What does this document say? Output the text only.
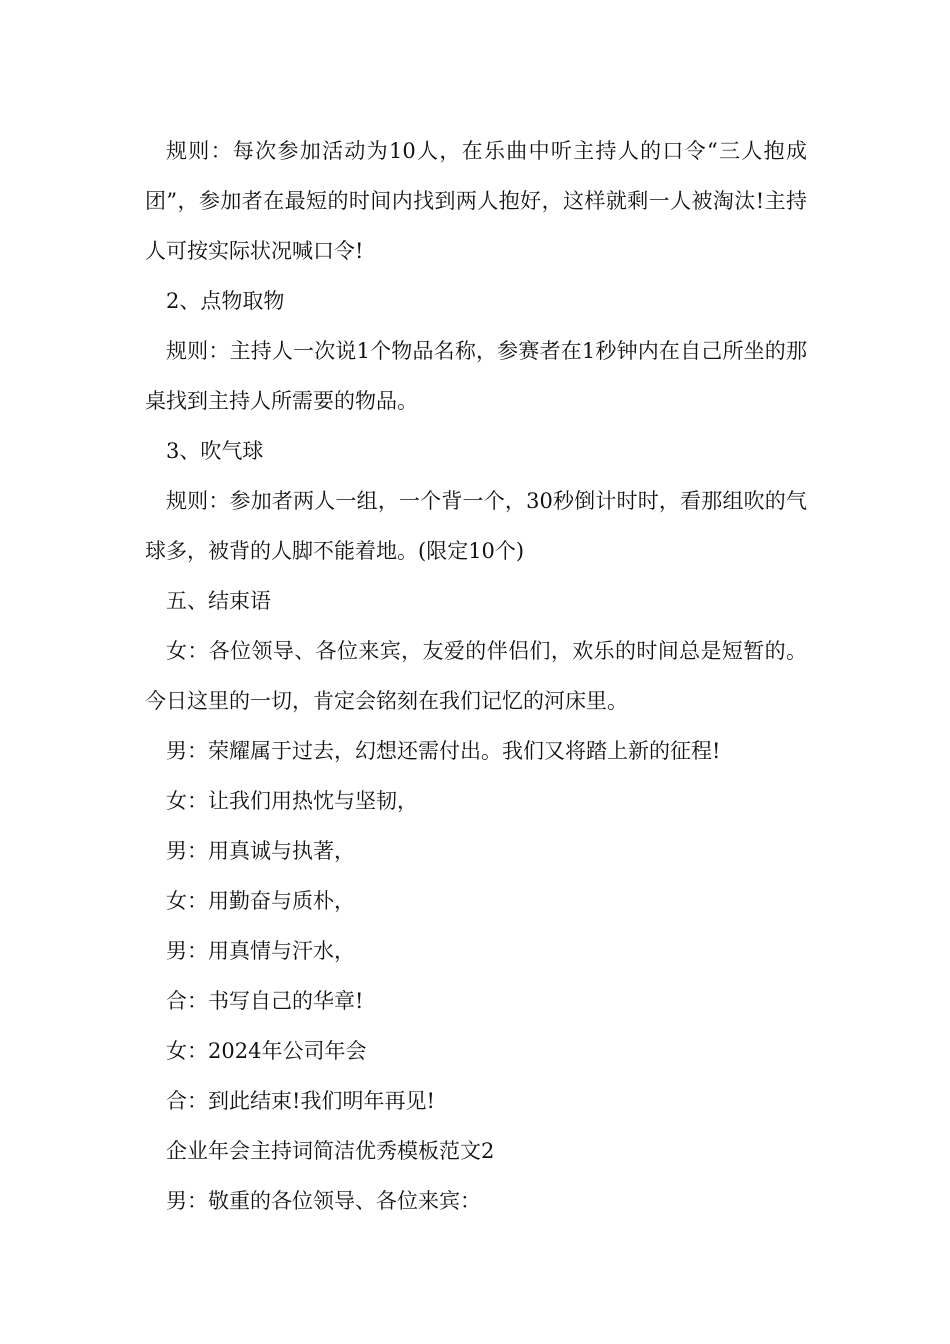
规则：每次参加活动为10人，在乐曲中听主持人的口令“三人抱成团”，参加者在最短的时间内找到两人抱好，这样就剩一人被淘汰!主持人可按实际状况喊口令!

2、点物取物

规则：主持人一次说1个物品名称，参赛者在1秒钟内在自己所坐的那桌找到主持人所需要的物品。

3、吹气球

规则：参加者两人一组，一个背一个，30秒倒计时时，看那组吹的气球多，被背的人脚不能着地。(限定10个)

五、结束语

女：各位领导、各位来宾，友爱的伴侣们，欢乐的时间总是短暂的。今日这里的一切，肯定会铭刻在我们记忆的河床里。

男：荣耀属于过去，幻想还需付出。我们又将踏上新的征程!

女：让我们用热忱与坚韧，

男：用真诚与执著，

女：用勤奋与质朴，

男：用真情与汗水，

合：书写自己的华章!

女：2024年公司年会

合：到此结束!我们明年再见!

企业年会主持词简洁优秀模板范文2

男：敬重的各位领导、各位来宾：
